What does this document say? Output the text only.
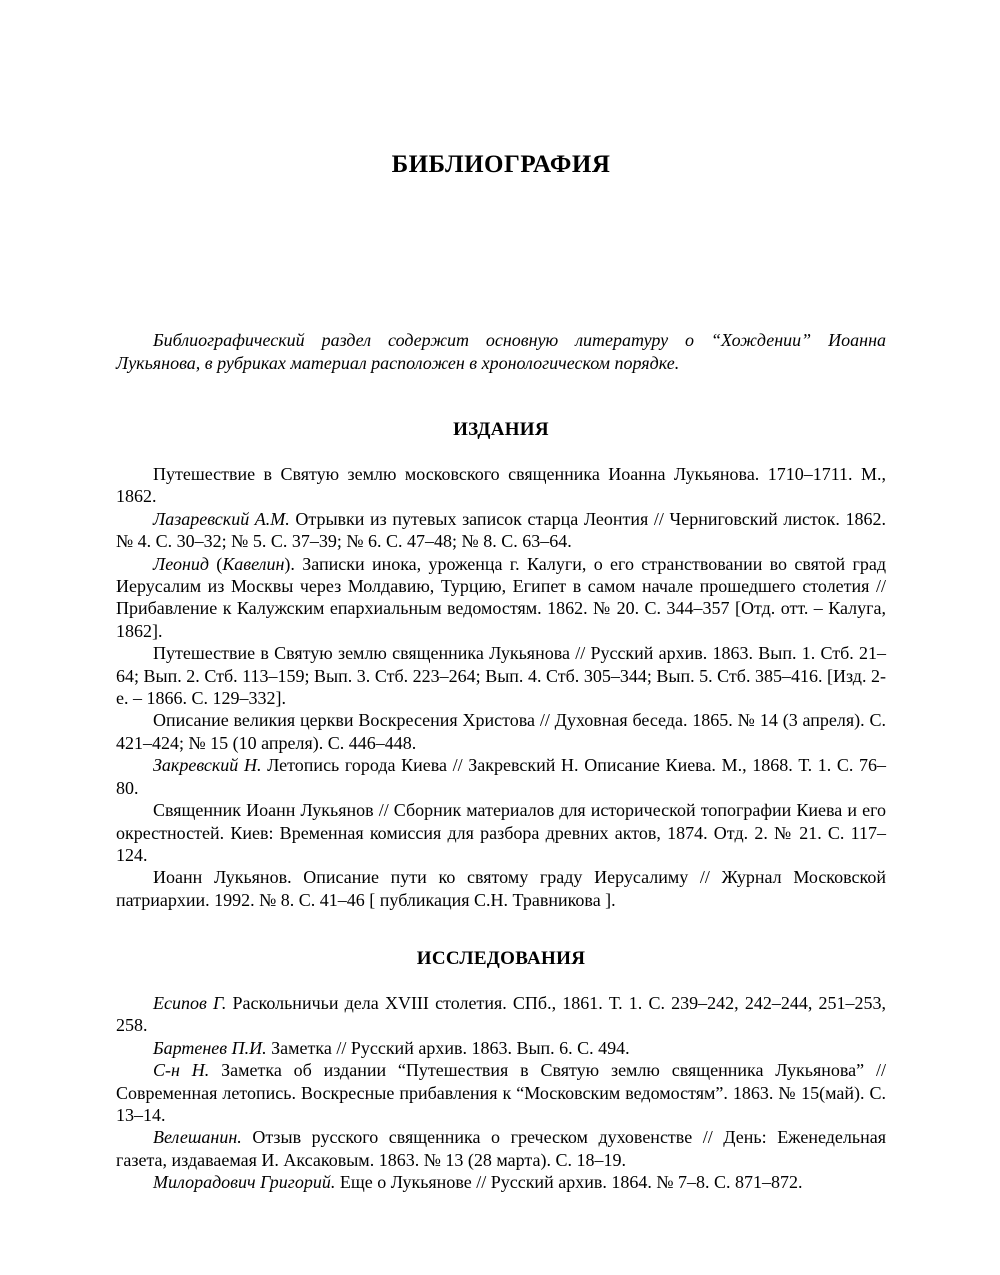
БИБЛИОГРАФИЯ

Библиографический раздел содержит основную литературу о “Хождении” Иоанна Лукьянова, в рубриках материал расположен в хронологическом порядке.

ИЗДАНИЯ
Путешествие в Святую землю московского священника Иоанна Лукьянова. 1710–1711. М., 1862.
Лазаревский А.М. Отрывки из путевых записок старца Леонтия // Черниговский листок. 1862. № 4. С. 30–32; № 5. С. 37–39; № 6. С. 47–48; № 8. С. 63–64.
Леонид (Кавелин). Записки инока, уроженца г. Калуги, о его странствовании во святой град Иерусалим из Москвы через Молдавию, Турцию, Египет в самом начале прошедшего столетия // Прибавление к Калужским епархиальным ведомостям. 1862. № 20. С. 344–357 [Отд. отт. – Калуга, 1862].
Путешествие в Святую землю священника Лукьянова // Русский архив. 1863. Вып. 1. Стб. 21–64; Вып. 2. Стб. 113–159; Вып. 3. Стб. 223–264; Вып. 4. Стб. 305–344; Вып. 5. Стб. 385–416. [Изд. 2-е. – 1866. С. 129–332].
Описание великия церкви Воскресения Христова // Духовная беседа. 1865. № 14 (3 апреля). С. 421–424; № 15 (10 апреля). С. 446–448.
Закревский Н. Летопись города Киева // Закревский Н. Описание Киева. М., 1868. Т. 1. С. 76–80.
Священник Иоанн Лукьянов // Сборник материалов для исторической топографии Киева и его окрестностей. Киев: Временная комиссия для разбора древних актов, 1874. Отд. 2. № 21. С. 117–124.
Иоанн Лукьянов. Описание пути ко святому граду Иерусалиму // Журнал Московской патриархии. 1992. № 8. С. 41–46 [ публикация С.Н. Травникова ].
ИССЛЕДОВАНИЯ
Есипов Г. Раскольничьи дела XVIII столетия. СПб., 1861. Т. 1. С. 239–242, 242–244, 251–253, 258.
Бартенев П.И. Заметка // Русский архив. 1863. Вып. 6. С. 494.
С-н Н. Заметка об издании “Путешествия в Святую землю священника Лукьянова” // Современная летопись. Воскресные прибавления к “Московским ведомостям”. 1863. № 15(май). С. 13–14.
Велешанин. Отзыв русского священника о греческом духовенстве // День: Еженедельная газета, издаваемая И. Аксаковым. 1863. № 13 (28 марта). С. 18–19.
Милорадович Григорий. Еще о Лукьянове // Русский архив. 1864. № 7–8. С. 871–872.
